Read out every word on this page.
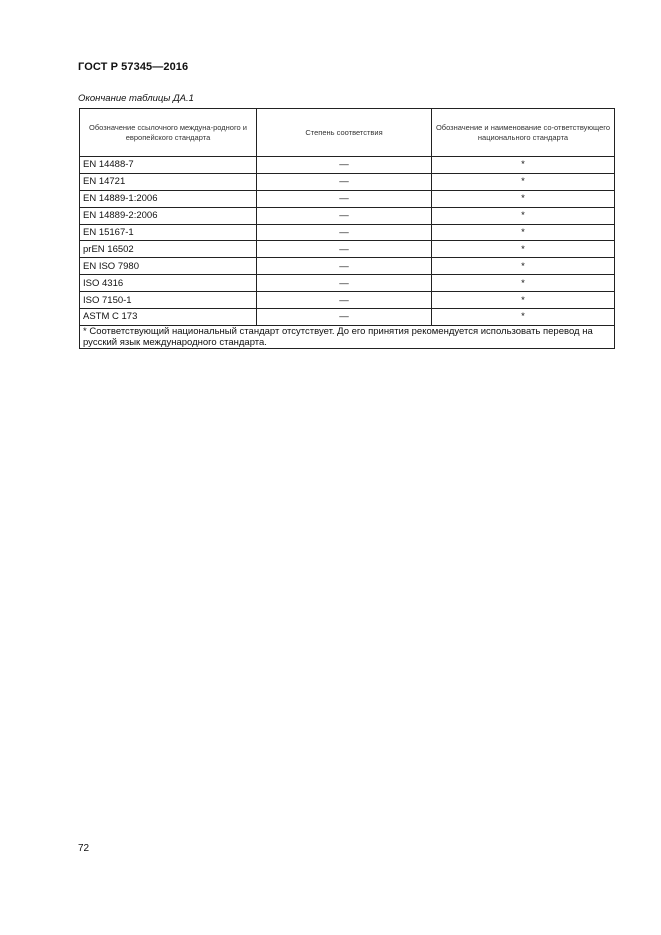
ГОСТ Р 57345—2016
Окончание таблицы ДА.1
Обозначение ссылочного междуна-родного и европейского стандарта	Степень соответствия	Обозначение и наименование со-ответствующего национального стандарта
EN 14488-7	—	*
EN 14721	—	*
EN 14889-1:2006	—	*
EN 14889-2:2006	—	*
EN 15167-1	—	*
prEN 16502	—	*
EN ISO 7980	—	*
ISO 4316	—	*
ISO 7150-1	—	*
ASTM C 173	—	*
* Соответствующий национальный стандарт отсутствует. До его принятия рекомендуется использовать перевод на русский язык международного стандарта.		
72
